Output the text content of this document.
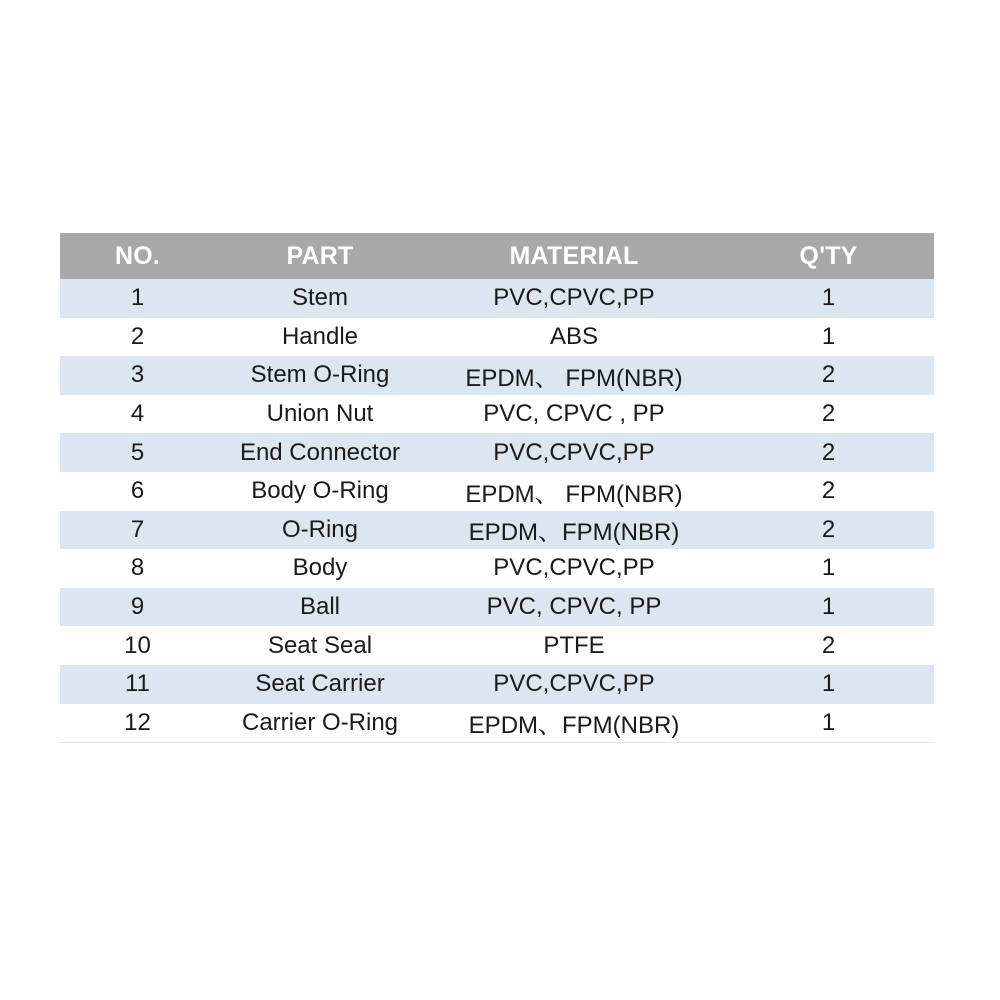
NO.	PART	MATERIAL	Q'TY
1	Stem	PVC,CPVC,PP	1
2	Handle	ABS	1
3	Stem O-Ring	EPDM、 FPM(NBR)	2
4	Union Nut	PVC, CPVC , PP	2
5	End Connector	PVC,CPVC,PP	2
6	Body O-Ring	EPDM、 FPM(NBR)	2
7	O-Ring	EPDM、FPM(NBR)	2
8	Body	PVC,CPVC,PP	1
9	Ball	PVC, CPVC, PP	1
10	Seat Seal	PTFE	2
11	Seat Carrier	PVC,CPVC,PP	1
12	Carrier O-Ring	EPDM、FPM(NBR)	1
